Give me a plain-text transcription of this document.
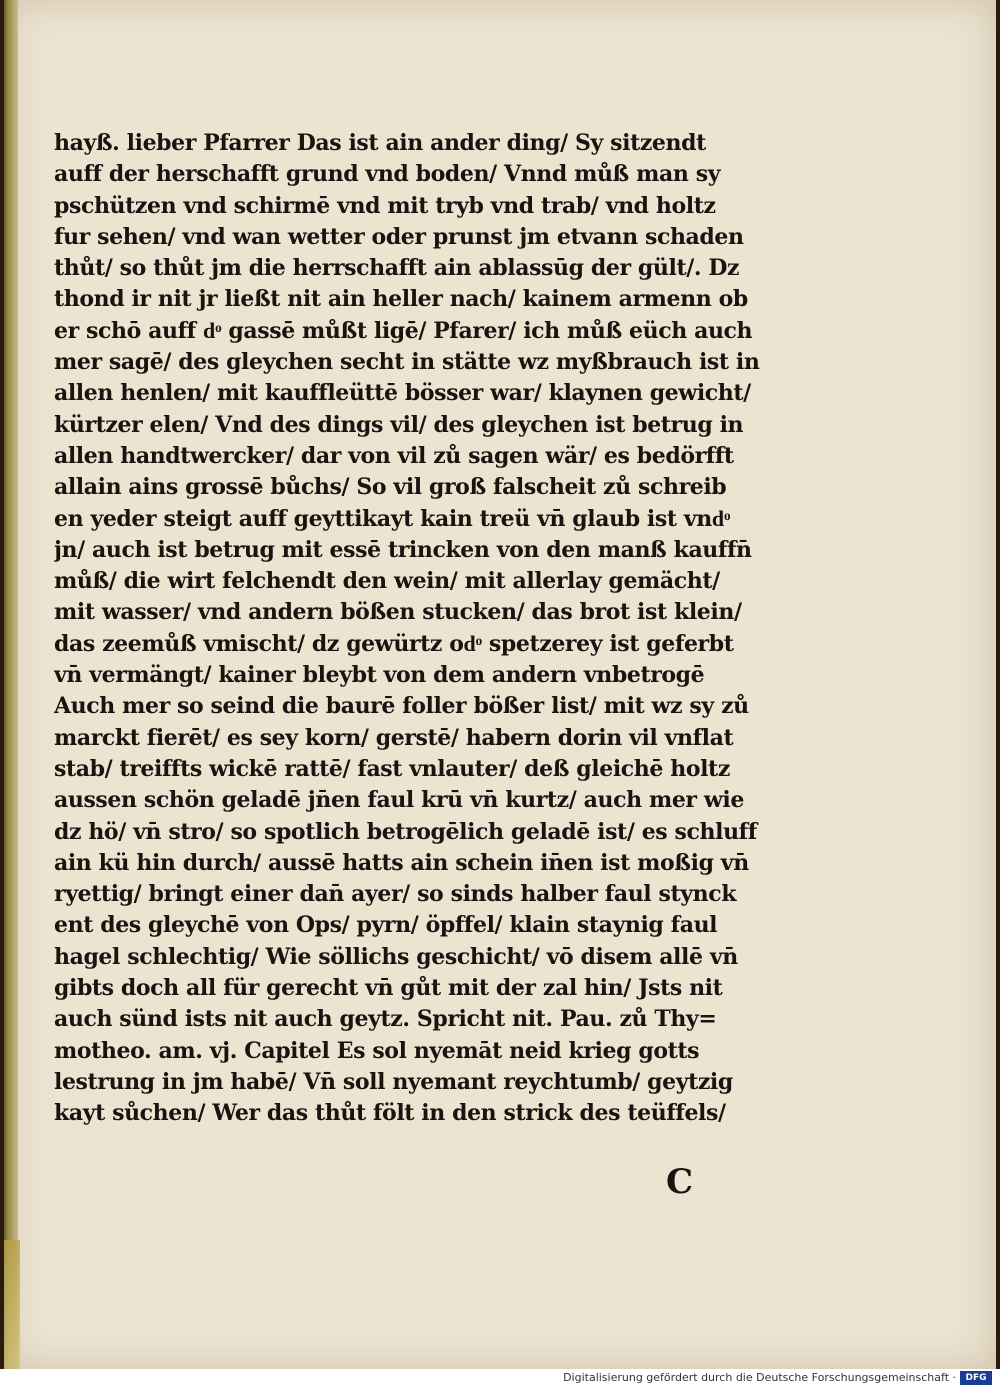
hayß. lieber Pfarrer Das ist ain ander ding/ Sy sitzendt
auff der herschafft grund vnd boden/ Vnnd můß man sy
pschützen vnd schirmē vnd mit tryb vnd trab/ vnd holtz
fur sehen/ vnd wan wetter oder prunst jm etvann schaden
thůt/ so thůt jm die herrschafft ain ablassūg der gült/. Dz
thond ir nit jr ließt nit ain heller nach/ kainem armenn ob
er schō auff dͦ gassē můßt ligē/ Pfarer/ ich můß eüch auch
mer sagē/ des gleychen secht in stätte wz myßbrauch ist in
allen henlen/ mit kauffleüttē bösser war/ klaynen gewicht/
kürtzer elen/ Vnd des dings vil/ des gleychen ist betrug in
allen handtwercker/ dar von vil zů sagen wär/ es bedörfft
allain ains grossē bůchs/ So vil groß falscheit zů schreib
en yeder steigt auff geyttikayt kain treü vn̄ glaub ist vndͦ
jn/ auch ist betrug mit essē trincken von den manß kauffn̄
můß/ die wirt felchendt den wein/ mit allerlay gemächt/
mit wasser/ vnd andern bößen stucken/ das brot ist klein/
das zeemůß vmischt/ dz gewürtz odͦ spetzerey ist geferbt
vn̄ vermängt/ kainer bleybt von dem andern vnbetrogē
Auch mer so seind die baurē foller bößer list/ mit wz sy zů
marckt fierēt/ es sey korn/ gerstē/ habern dorin vil vnflat
stab/ treiffts wickē rattē/ fast vnlauter/ deß gleichē holtz
aussen schön geladē jn̄en faul krū vn̄ kurtz/ auch mer wie
dz hö/ vn̄ stro/ so spotlich betrogēlich geladē ist/ es schluff
ain kü hin durch/ aussē hatts ain schein in̄en ist moßig vn̄
ryettig/ bringt einer dan̄ ayer/ so sinds halber faul stynck
ent des gleychē von Ops/ pyrn/ öpffel/ klain staynig faul
hagel schlechtig/ Wie söllichs geschicht/ vō disem allē vn̄
gibts doch all für gerecht vn̄ gůt mit der zal hin/ Jsts nit
auch sünd ists nit auch geytz. Spricht nit. Pau. zů Thy=
motheo. am. vj. Capitel Es sol nyemāt neid krieg gotts
lestrung in jm habē/ Vn̄ soll nyemant reychtumb/ geytzig
kayt sůchen/ Wer das thůt fölt in den strick des teüffels/
C
Digitalisierung gefördert durch die Deutsche Forschungsgemeinschaft ·	DFG
